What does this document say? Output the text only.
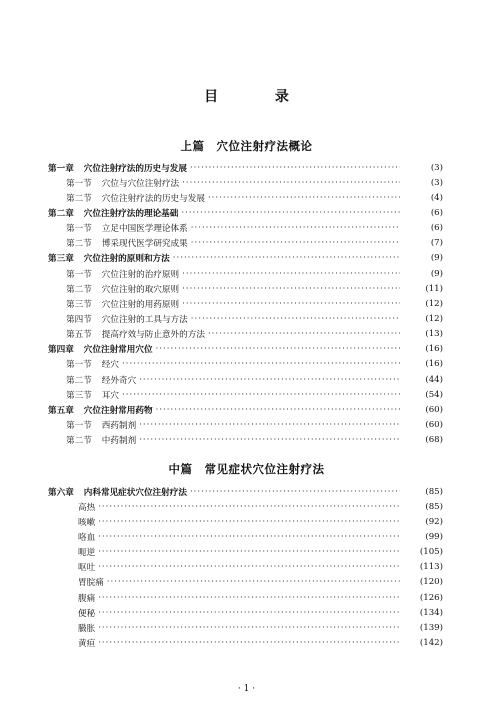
目 录
上篇 穴位注射疗法概论
第一章 穴位注射疗法的历史与发展 ·····	(3)
第一节 穴位与穴位注射疗法 ·····	(3)
第二节 穴位注射疗法的历史与发展 ·····	(4)
第二章 穴位注射疗法的理论基础 ·····	(6)
第一节 立足中国医学理论体系 ·····	(6)
第二节 博采现代医学研究成果 ·····	(7)
第三章 穴位注射的原则和方法 ·····	(9)
第一节 穴位注射的治疗原则 ·····	(9)
第二节 穴位注射的取穴原则 ·····	(11)
第三节 穴位注射的用药原则 ·····	(12)
第四节 穴位注射的工具与方法 ·····	(12)
第五节 提高疗效与防止意外的方法 ·····	(13)
第四章 穴位注射常用穴位 ·····	(16)
第一节 经穴 ·····	(16)
第二节 经外奇穴 ·····	(44)
第三节 耳穴 ·····	(54)
第五章 穴位注射常用药物 ·····	(60)
第一节 西药制剂 ·····	(60)
第二节 中药制剂 ·····	(68)
中篇 常见症状穴位注射疗法
第六章 内科常见症状穴位注射疗法 ·····	(85)
高热 ·····	(85)
咳嗽 ·····	(92)
咯血 ·····	(99)
呃逆 ·····	(105)
呕吐 ·····	(113)
胃脘痛 ·····	(120)
腹痛 ·····	(126)
便秘 ·····	(134)
臌胀 ·····	(139)
黄疸 ·····	(142)
· 1 ·
